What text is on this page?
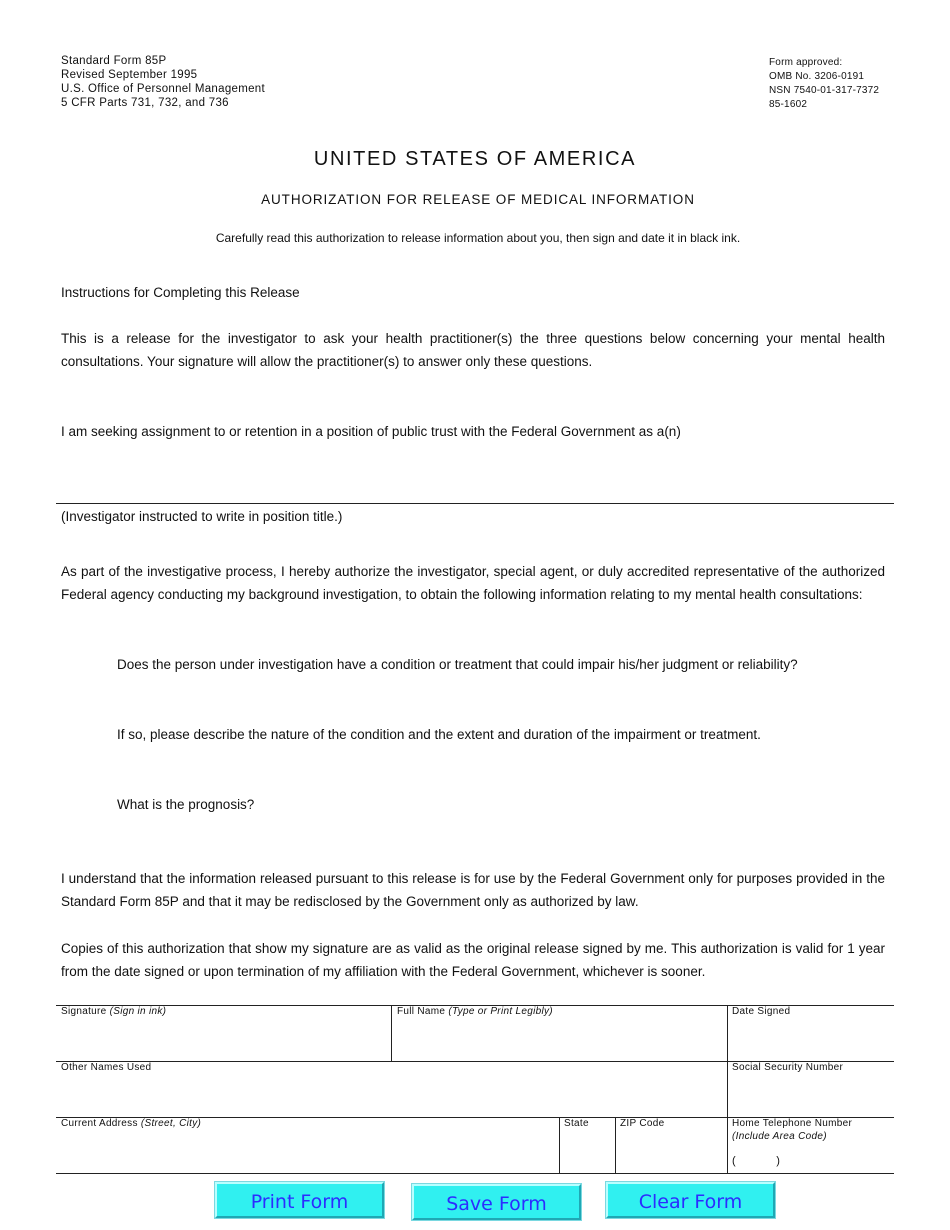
Standard Form 85P
Revised September 1995
U.S. Office of Personnel Management
5 CFR Parts 731, 732, and 736
Form approved:
OMB No. 3206-0191
NSN 7540-01-317-7372
85-1602
UNITED STATES OF AMERICA
AUTHORIZATION FOR RELEASE OF MEDICAL INFORMATION
Carefully read this authorization to release information about you, then sign and date it in black ink.
Instructions for Completing this Release
This is a release for the investigator to ask your health practitioner(s) the three questions below concerning your mental health consultations. Your signature will allow the practitioner(s) to answer only these questions.
I am seeking assignment to or retention in a position of public trust with the Federal Government as a(n)
(Investigator instructed to write in position title.)
As part of the investigative process, I hereby authorize the investigator, special agent, or duly accredited representative of the authorized Federal agency conducting my background investigation, to obtain the following information relating to my mental health consultations:
Does the person under investigation have a condition or treatment that could impair his/her judgment or reliability?
If so, please describe the nature of the condition and the extent and duration of the impairment or treatment.
What is the prognosis?
I understand that the information released pursuant to this release is for use by the Federal Government only for purposes provided in the Standard Form 85P and that it may be redisclosed by the Government only as authorized by law.
Copies of this authorization that show my signature are as valid as the original release signed by me. This authorization is valid for 1 year from the date signed or upon termination of my affiliation with the Federal Government, whichever is sooner.
Signature (Sign in ink)	Full Name (Type or Print Legibly)	Date Signed
Other Names Used	Social Security Number
Current Address (Street, City)	State	ZIP Code	Home Telephone Number
(Include Area Code)
(            )
Print Form	Save Form	Clear Form
